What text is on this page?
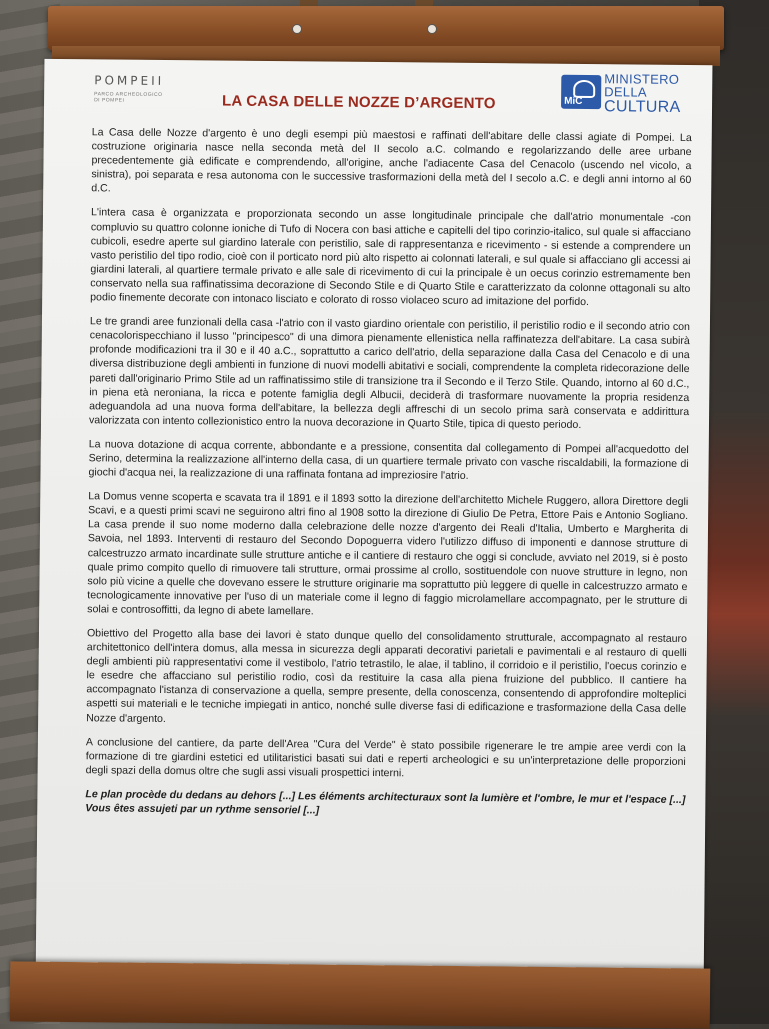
POMPEII
PARCO ARCHEOLOGICO DI POMPEI	LA CASA DELLE NOZZE D’ARGENTO	MiC
MINISTERO
DELLA
CULTURA

La Casa delle Nozze d'argento è uno degli esempi più maestosi e raffinati dell'abitare delle classi agiate di Pompei. La costruzione originaria nasce nella seconda metà del II secolo a.C. colmando e regolarizzando delle aree urbane precedentemente già edificate e comprendendo, all'origine, anche l'adiacente Casa del Cenacolo (uscendo nel vicolo, a sinistra), poi separata e resa autonoma con le successive trasformazioni della metà del I secolo a.C. e degli anni intorno al 60 d.C.

L'intera casa è organizzata e proporzionata secondo un asse longitudinale principale che dall'atrio monumentale -con compluvio su quattro colonne ioniche di Tufo di Nocera con basi attiche e capitelli del tipo corinzio-italico, sul quale si affacciano cubicoli, esedre aperte sul giardino laterale con peristilio, sale di rappresentanza e ricevimento - si estende a comprendere un vasto peristilio del tipo rodio, cioè con il porticato nord più alto rispetto ai colonnati laterali, e sul quale si affacciano gli accessi ai giardini laterali, al quartiere termale privato e alle sale di ricevimento di cui la principale è un oecus corinzio estremamente ben conservato nella sua raffinatissima decorazione di Secondo Stile e di Quarto Stile e caratterizzato da colonne ottagonali su alto podio finemente decorate con intonaco lisciato e colorato di rosso violaceo scuro ad imitazione del porfido.

Le tre grandi aree funzionali della casa -l'atrio con il vasto giardino orientale con peristilio, il peristilio rodio e il secondo atrio con cenacolorispecchiano il lusso "principesco" di una dimora pienamente ellenistica nella raffinatezza dell'abitare. La casa subirà profonde modificazioni tra il 30 e il 40 a.C., soprattutto a carico dell'atrio, della separazione dalla Casa del Cenacolo e di una diversa distribuzione degli ambienti in funzione di nuovi modelli abitativi e sociali, comprendente la completa ridecorazione delle pareti dall'originario Primo Stile ad un raffinatissimo stile di transizione tra il Secondo e il Terzo Stile. Quando, intorno al 60 d.C., in piena età neroniana, la ricca e potente famiglia degli Albucii, deciderà di trasformare nuovamente la propria residenza adeguandola ad una nuova forma dell'abitare, la bellezza degli affreschi di un secolo prima sarà conservata e addirittura valorizzata con intento collezionistico entro la nuova decorazione in Quarto Stile, tipica di questo periodo.

La nuova dotazione di acqua corrente, abbondante e a pressione, consentita dal collegamento di Pompei all'acquedotto del Serino, determina la realizzazione all'interno della casa, di un quartiere termale privato con vasche riscaldabili, la formazione di giochi d'acqua nei, la realizzazione di una raffinata fontana ad impreziosire l'atrio.

La Domus venne scoperta e scavata tra il 1891 e il 1893 sotto la direzione dell'architetto Michele Ruggero, allora Direttore degli Scavi, e a questi primi scavi ne seguirono altri fino al 1908 sotto la direzione di Giulio De Petra, Ettore Pais e Antonio Sogliano. La casa prende il suo nome moderno dalla celebrazione delle nozze d'argento dei Reali d'Italia, Umberto e Margherita di Savoia, nel 1893. Interventi di restauro del Secondo Dopoguerra videro l'utilizzo diffuso di imponenti e dannose strutture di calcestruzzo armato incardinate sulle strutture antiche e il cantiere di restauro che oggi si conclude, avviato nel 2019, si è posto quale primo compito quello di rimuovere tali strutture, ormai prossime al crollo, sostituendole con nuove strutture in legno, non solo più vicine a quelle che dovevano essere le strutture originarie ma soprattutto più leggere di quelle in calcestruzzo armato e tecnologicamente innovative per l'uso di un materiale come il legno di faggio microlamellare accompagnato, per le strutture di solai e controsoffitti, da legno di abete lamellare.

Obiettivo del Progetto alla base dei lavori è stato dunque quello del consolidamento strutturale, accompagnato al restauro architettonico dell'intera domus, alla messa in sicurezza degli apparati decorativi parietali e pavimentali e al restauro di quelli degli ambienti più rappresentativi come il vestibolo, l'atrio tetrastilo, le alae, il tablino, il corridoio e il peristilio, l'oecus corinzio e le esedre che affacciano sul peristilio rodio, così da restituire la casa alla piena fruizione del pubblico. Il cantiere ha accompagnato l'istanza di conservazione a quella, sempre presente, della conoscenza, consentendo di approfondire molteplici aspetti sui materiali e le tecniche impiegati in antico, nonché sulle diverse fasi di edificazione e trasformazione della Casa delle Nozze d'argento.

A conclusione del cantiere, da parte dell'Area "Cura del Verde" è stato possibile rigenerare le tre ampie aree verdi con la formazione di tre giardini estetici ed utilitaristici basati sui dati e reperti archeologici e su un'interpretazione delle proporzioni degli spazi della domus oltre che sugli assi visuali prospettici interni.

Le plan procède du dedans au dehors [...] Les éléments architecturaux sont la lumière et l'ombre, le mur et l'espace [...] Vous êtes assujeti par un rythme sensoriel [...]
